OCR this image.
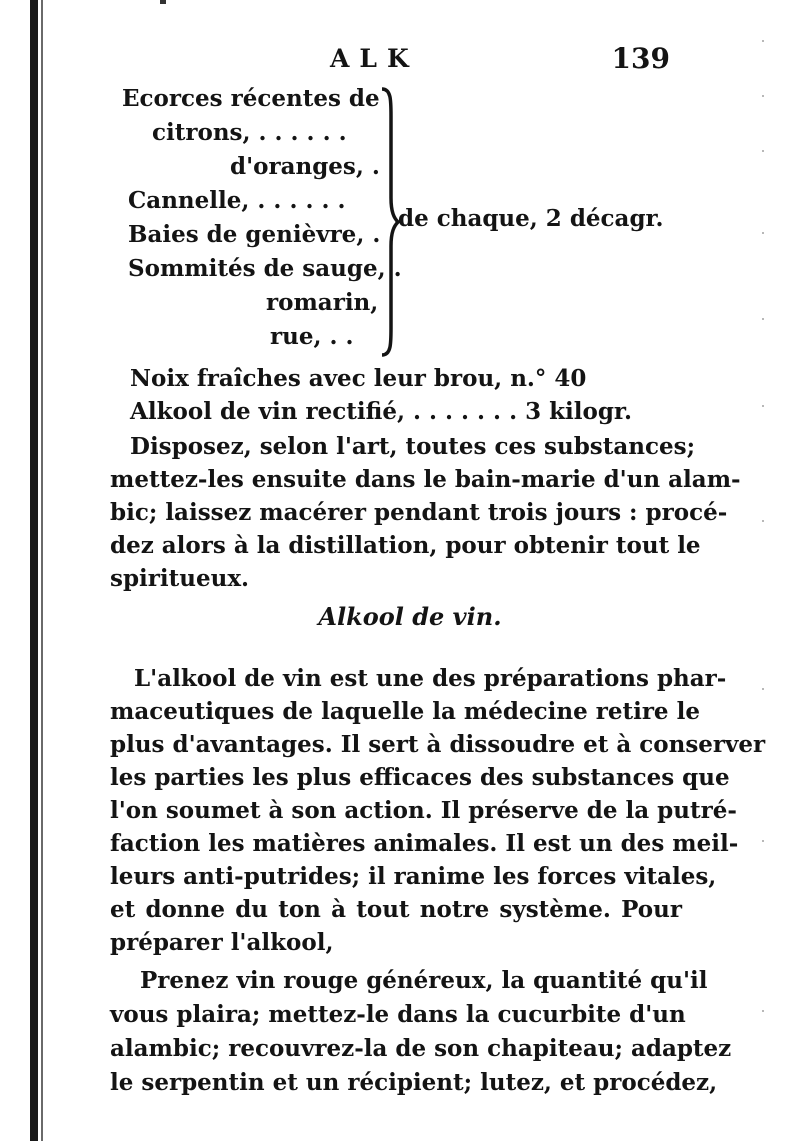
ALK	139
Ecorces récentes de
citrons, . . . . . .
d'oranges, .
Cannelle, . . . . . .
Baies de genièvre, .
Sommités de sauge, .
romarin,
rue, . .
de chaque, 2 décagr.
Noix fraîches avec leur brou, n.° 40
Alkool de vin rectifié, . . . . . . . 3 kilogr.
Disposez, selon l'art, toutes ces substances;
mettez-les ensuite dans le bain-marie d'un alam-
bic; laissez macérer pendant trois jours : procé-
dez alors à la distillation, pour obtenir tout le
spiritueux.
Alkool de vin.
L'alkool de vin est une des préparations phar-
maceutiques de laquelle la médecine retire le
plus d'avantages. Il sert à dissoudre et à conserver
les parties les plus efficaces des substances que
l'on soumet à son action. Il préserve de la putré-
faction les matières animales. Il est un des meil-
leurs anti-putrides; il ranime les forces vitales,
et donne du ton à tout notre système. Pour
préparer l'alkool,
Prenez vin rouge généreux, la quantité qu'il
vous plaira; mettez-le dans la cucurbite d'un
alambic; recouvrez-la de son chapiteau; adaptez
le serpentin et un récipient; lutez, et procédez,
